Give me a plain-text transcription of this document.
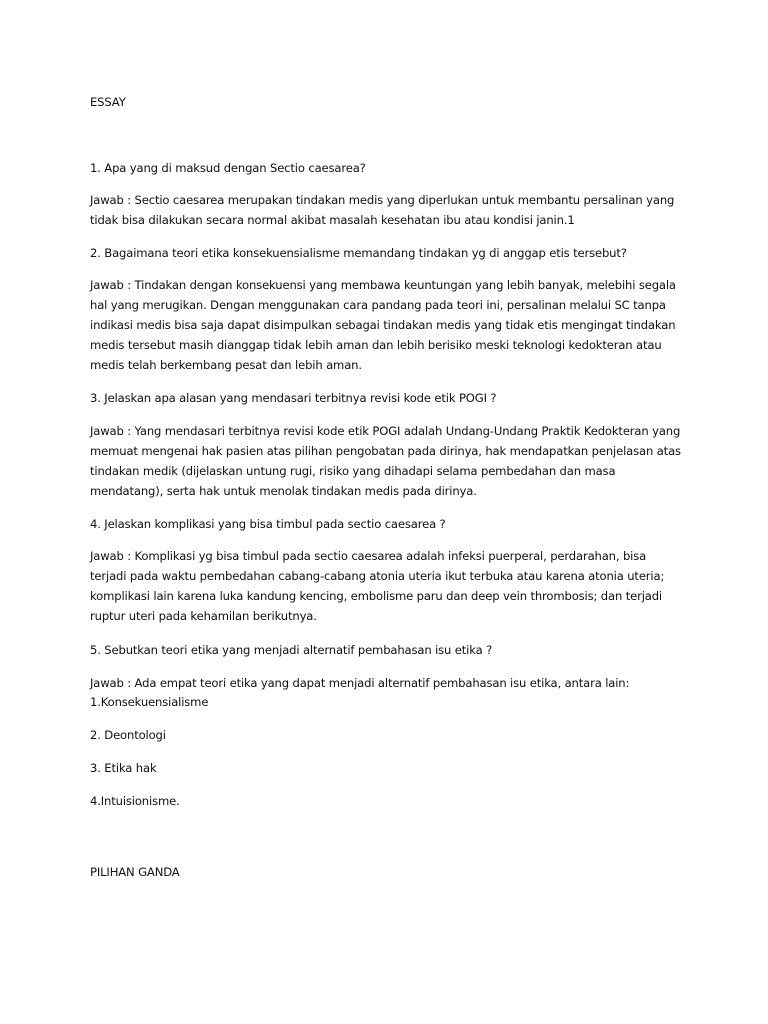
ESSAY
1. Apa yang di maksud dengan Sectio caesarea?
Jawab : Sectio caesarea merupakan tindakan medis yang diperlukan untuk membantu persalinan yang
tidak bisa dilakukan secara normal akibat masalah kesehatan ibu atau kondisi janin.1
2. Bagaimana teori etika konsekuensialisme memandang tindakan yg di anggap etis tersebut?
Jawab : Tindakan dengan konsekuensi yang membawa keuntungan yang lebih banyak, melebihi segala
hal yang merugikan. Dengan menggunakan cara pandang pada teori ini, persalinan melalui SC tanpa
indikasi medis bisa saja dapat disimpulkan sebagai tindakan medis yang tidak etis mengingat tindakan
medis tersebut masih dianggap tidak lebih aman dan lebih berisiko meski teknologi kedokteran atau
medis telah berkembang pesat dan lebih aman.
3. Jelaskan apa alasan yang mendasari terbitnya revisi kode etik POGI ?
Jawab : Yang mendasari terbitnya revisi kode etik POGI adalah Undang-Undang Praktik Kedokteran yang
memuat mengenai hak pasien atas pilihan pengobatan pada dirinya, hak mendapatkan penjelasan atas
tindakan medik (dijelaskan untung rugi, risiko yang dihadapi selama pembedahan dan masa
mendatang), serta hak untuk menolak tindakan medis pada dirinya.
4. Jelaskan komplikasi yang bisa timbul pada sectio caesarea ?
Jawab : Komplikasi yg bisa timbul pada sectio caesarea adalah infeksi puerperal, perdarahan, bisa
terjadi pada waktu pembedahan cabang-cabang atonia uteria ikut terbuka atau karena atonia uteria;
komplikasi lain karena luka kandung kencing, embolisme paru dan deep vein thrombosis; dan terjadi
ruptur uteri pada kehamilan berikutnya.
5. Sebutkan teori etika yang menjadi alternatif pembahasan isu etika ?
Jawab : Ada empat teori etika yang dapat menjadi alternatif pembahasan isu etika, antara lain:
1.Konsekuensialisme
2. Deontologi
3. Etika hak
4.Intuisionisme.
PILIHAN GANDA
